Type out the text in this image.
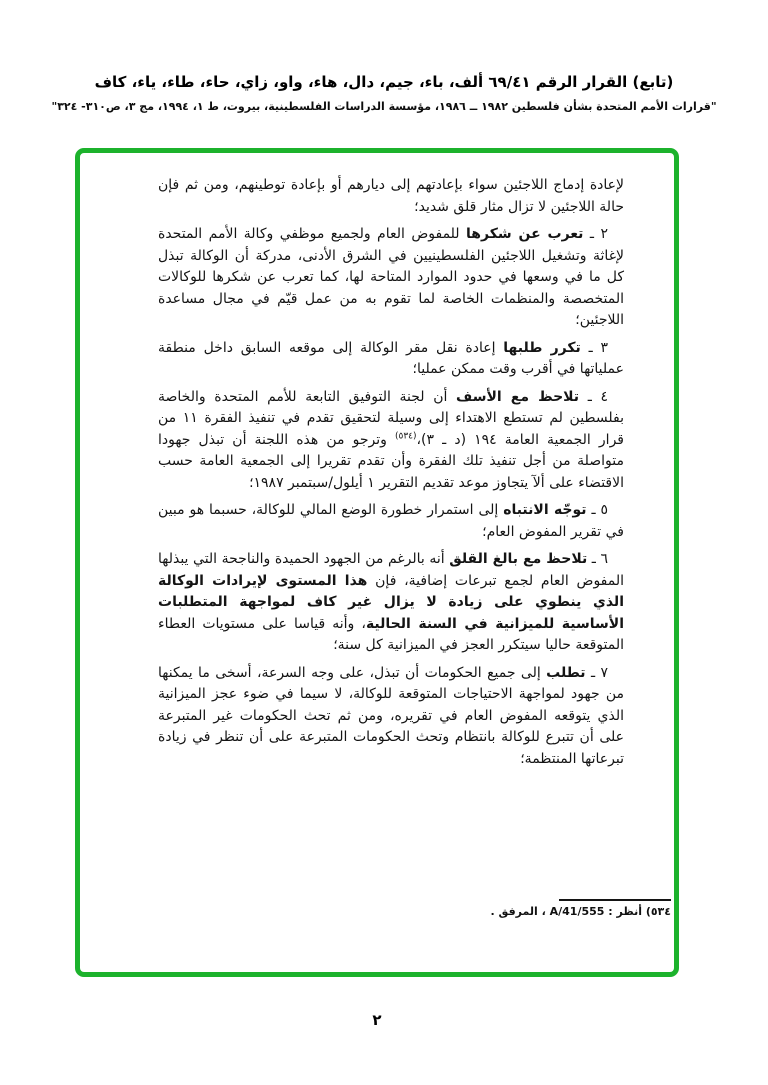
(تابع) القرار الرقم ٦٩/٤١ ألف، باء، جيم، دال، هاء، واو، زاي، حاء، طاء، ياء، كاف
"قرارات الأمم المتحدة بشأن فلسطين ١٩٨٢ ــ ١٩٨٦، مؤسسة الدراسات الفلسطينية، بيروت، ط ١، ١٩٩٤، مج ٣، ص٣١٠- ٣٢٤"

لإعادة إدماج اللاجئين سواء بإعادتهم إلى ديارهم أو بإعادة توطينهم، ومن ثم فإن حالة اللاجئين لا تزال مثار قلق شديد؛

٢ ـ تعرب عن شكرها للمفوض العام ولجميع موظفي وكالة الأمم المتحدة لإغاثة وتشغيل اللاجئين الفلسطينيين في الشرق الأدنى، مدركة أن الوكالة تبذل كل ما في وسعها في حدود الموارد المتاحة لها، كما تعرب عن شكرها للوكالات المتخصصة والمنظمات الخاصة لما تقوم به من عمل قيّم في مجال مساعدة اللاجئين؛

٣ ـ تكرر طلبها إعادة نقل مقر الوكالة إلى موقعه السابق داخل منطقة عملياتها في أقرب وقت ممكن عمليا؛

٤ ـ تلاحظ مع الأسف أن لجنة التوفيق التابعة للأمم المتحدة والخاصة بفلسطين لم تستطع الاهتداء إلى وسيلة لتحقيق تقدم في تنفيذ الفقرة ١١ من قرار الجمعية العامة ١٩٤ (د ـ ٣)،$^{(٥٣٤)}$ وترجو من هذه اللجنة أن تبذل جهودا متواصلة من أجل تنفيذ تلك الفقرة وأن تقدم تقريرا إلى الجمعية العامة حسب الاقتضاء على ألآ يتجاوز موعد تقديم التقرير ١ أيلول/سبتمبر ١٩٨٧؛

٥ ـ توجّه الانتباه إلى استمرار خطورة الوضع المالي للوكالة، حسبما هو مبين في تقرير المفوض العام؛

٦ ـ تلاحظ مع بالغ القلق أنه بالرغم من الجهود الحميدة والناجحة التي يبذلها المفوض العام لجمع تبرعات إضافية، فإن هذا المستوى لإيرادات الوكالة الذي ينطوي على زيادة لا يزال غير كاف لمواجهة المتطلبات الأساسية للميزانية في السنة الحالية، وأنه قياسا على مستويات العطاء المتوقعة حاليا سيتكرر العجز في الميزانية كل سنة؛

٧ ـ تطلب إلى جميع الحكومات أن تبذل، على وجه السرعة، أسخى ما يمكنها من جهود لمواجهة الاحتياجات المتوقعة للوكالة، لا سيما في ضوء عجز الميزانية الذي يتوقعه المفوض العام في تقريره، ومن ثم تحث الحكومات غير المتبرعة على أن تتبرع للوكالة بانتظام وتحث الحكومات المتبرعة على أن تنظر في زيادة تبرعاتها المنتظمة؛

٥٣٤) أنظر : A/41/555 ، المرفق .
٢
